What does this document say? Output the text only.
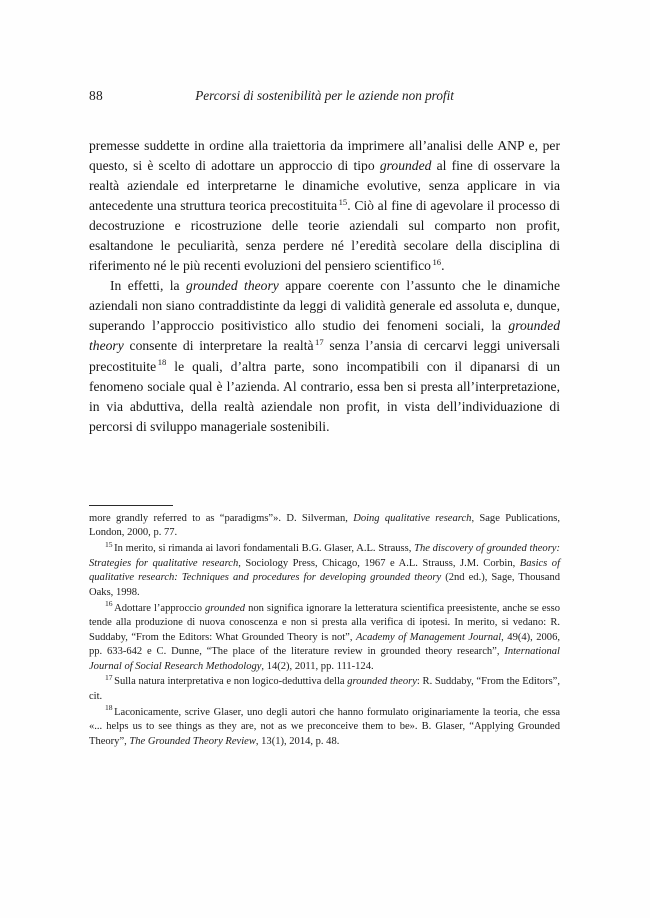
88	Percorsi di sostenibilità per le aziende non profit

premesse suddette in ordine alla traiettoria da imprimere all’analisi delle ANP e, per questo, si è scelto di adottare un approccio di tipo grounded al fine di osservare la realtà aziendale ed interpretarne le dinamiche evolutive, senza applicare in via antecedente una struttura teorica precostituita $^{15}$. Ciò al fine di agevolare il processo di decostruzione e ricostruzione delle teorie aziendali sul comparto non profit, esaltandone le peculiarità, senza perdere né l’eredità secolare della disciplina di riferimento né le più recenti evoluzioni del pensiero scientifico $^{16}$.

In effetti, la grounded theory appare coerente con l’assunto che le dinamiche aziendali non siano contraddistinte da leggi di validità generale ed assoluta e, dunque, superando l’approccio positivistico allo studio dei fenomeni sociali, la grounded theory consente di interpretare la realtà $^{17}$ senza l’ansia di cercarvi leggi universali precostituite $^{18}$ le quali, d’altra parte, sono incompatibili con il dipanarsi di un fenomeno sociale qual è l’azienda. Al contrario, essa ben si presta all’interpretazione, in via abduttiva, della realtà aziendale non profit, in vista dell’individuazione di percorsi di sviluppo manageriale sostenibili.

more grandly referred to as “paradigms”». D. Silverman, Doing qualitative research, Sage Publications, London, 2000, p. 77.

$^{15}$ In merito, si rimanda ai lavori fondamentali B.G. Glaser, A.L. Strauss, The discovery of grounded theory: Strategies for qualitative research, Sociology Press, Chicago, 1967 e A.L. Strauss, J.M. Corbin, Basics of qualitative research: Techniques and procedures for developing grounded theory (2nd ed.), Sage, Thousand Oaks, 1998.

$^{16}$ Adottare l’approccio grounded non significa ignorare la letteratura scientifica preesistente, anche se esso tende alla produzione di nuova conoscenza e non si presta alla verifica di ipotesi. In merito, si vedano: R. Suddaby, “From the Editors: What Grounded Theory is not”, Academy of Management Journal, 49(4), 2006, pp. 633-642 e C. Dunne, “The place of the literature review in grounded theory research”, International Journal of Social Research Methodology, 14(2), 2011, pp. 111-124.

$^{17}$ Sulla natura interpretativa e non logico-deduttiva della grounded theory: R. Suddaby, “From the Editors”, cit.

$^{18}$ Laconicamente, scrive Glaser, uno degli autori che hanno formulato originariamente la teoria, che essa «... helps us to see things as they are, not as we preconceive them to be». B. Glaser, “Applying Grounded Theory”, The Grounded Theory Review, 13(1), 2014, p. 48.
